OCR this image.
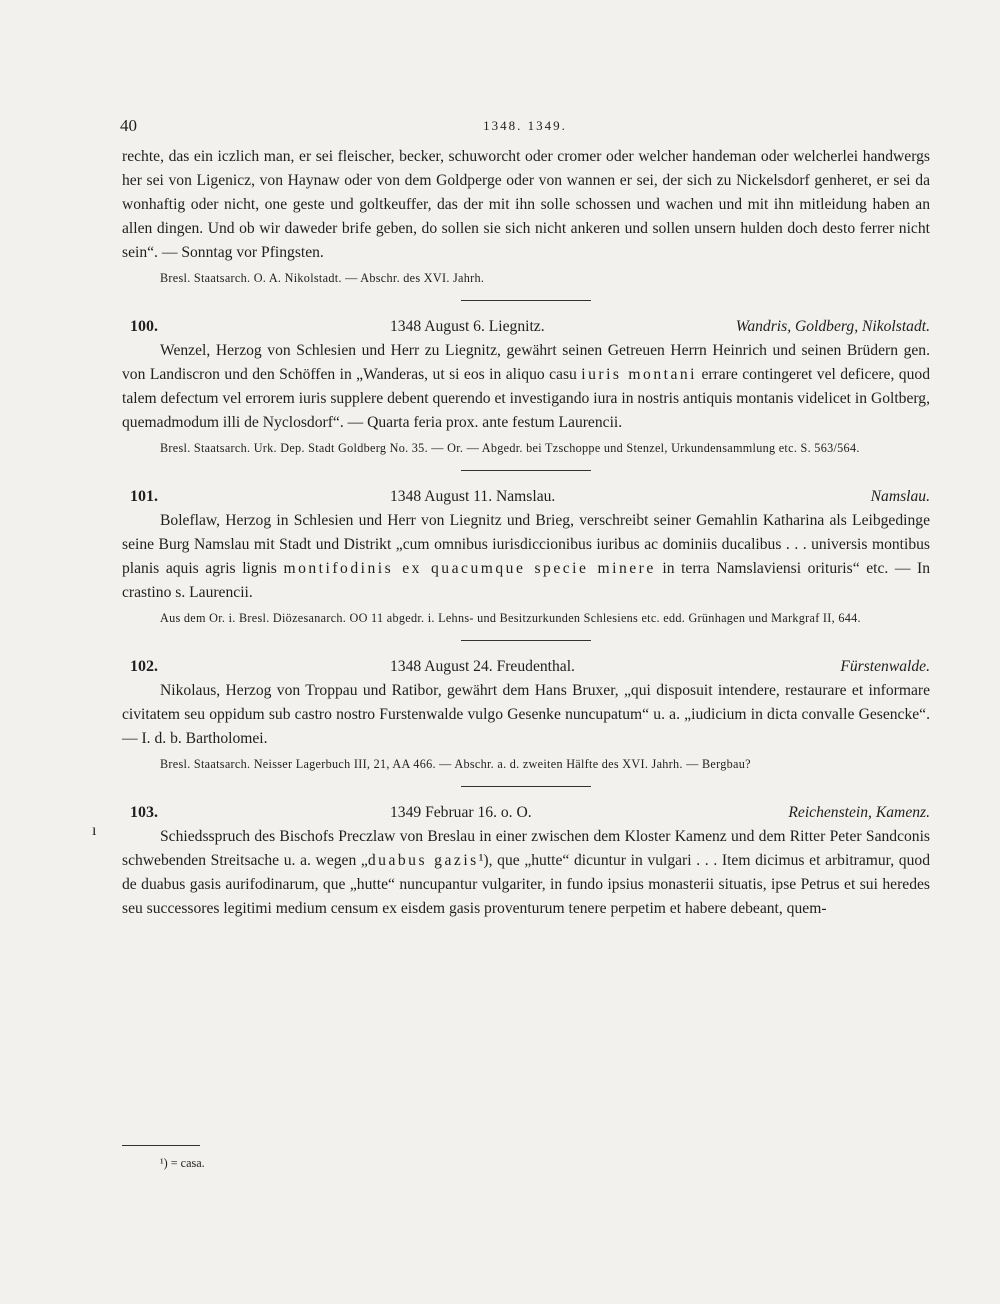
40	1348. 1349.
ı

rechte, das ein iczlich man, er sei fleischer, becker, schuworcht oder cromer oder welcher handeman oder welcherlei handwergs her sei von Ligenicz, von Haynaw oder von dem Goldperge oder von wannen er sei, der sich zu Nickelsdorf genheret, er sei da wonhaftig oder nicht, one geste und goltkeuffer, das der mit ihn solle schossen und wachen und mit ihn mitleidung haben an allen dingen. Und ob wir daweder brife geben, do sollen sie sich nicht ankeren und sollen unsern hulden doch desto ferrer nicht sein“. — Sonntag vor Pfingsten.

Bresl. Staatsarch. O. A. Nikolstadt. — Abschr. des XVI. Jahrh.

100.	1348 August 6. Liegnitz.	Wandris, Goldberg, Nikolstadt.

Wenzel, Herzog von Schlesien und Herr zu Liegnitz, gewährt seinen Getreuen Herrn Heinrich und seinen Brüdern gen. von Landiscron und den Schöffen in „Wanderas, ut si eos in aliquo casu iuris montani errare contingeret vel deficere, quod talem defectum vel errorem iuris supplere debent querendo et investigando iura in nostris antiquis montanis videlicet in Goltberg, quemadmodum illi de Nyclosdorf“. — Quarta feria prox. ante festum Laurencii.

Bresl. Staatsarch. Urk. Dep. Stadt Goldberg No. 35. — Or. — Abgedr. bei Tzschoppe und Stenzel, Urkundensammlung etc. S. 563/564.

101.	1348 August 11. Namslau.	Namslau.

Boleflaw, Herzog in Schlesien und Herr von Liegnitz und Brieg, verschreibt seiner Gemahlin Katharina als Leibgedinge seine Burg Namslau mit Stadt und Distrikt „cum omnibus iurisdiccionibus iuribus ac dominiis ducalibus . . . universis montibus planis aquis agris lignis montifodinis ex quacumque specie minere in terra Namslaviensi orituris“ etc. — In crastino s. Laurencii.

Aus dem Or. i. Bresl. Diözesanarch. OO 11 abgedr. i. Lehns- und Besitzurkunden Schlesiens etc. edd. Grünhagen und Markgraf II, 644.

102.	1348 August 24. Freudenthal.	Fürstenwalde.

Nikolaus, Herzog von Troppau und Ratibor, gewährt dem Hans Bruxer, „qui disposuit intendere, restaurare et informare civitatem seu oppidum sub castro nostro Furstenwalde vulgo Gesenke nuncupatum“ u. a. „iudicium in dicta convalle Gesencke“. — I. d. b. Bartholomei.

Bresl. Staatsarch. Neisser Lagerbuch III, 21, AA 466. — Abschr. a. d. zweiten Hälfte des XVI. Jahrh. — Bergbau?

103.	1349 Februar 16. o. O.	Reichenstein, Kamenz.

Schiedsspruch des Bischofs Preczlaw von Breslau in einer zwischen dem Kloster Kamenz und dem Ritter Peter Sandconis schwebenden Streitsache u. a. wegen „duabus gazis¹), que „hutte“ dicuntur in vulgari . . . Item dicimus et arbitramur, quod de duabus gasis aurifodinarum, que „hutte“ nuncupantur vulgariter, in fundo ipsius monasterii situatis, ipse Petrus et sui heredes seu successores legitimi medium censum ex eisdem gasis proventurum tenere perpetim et habere debeant, quem-

¹) = casa.
